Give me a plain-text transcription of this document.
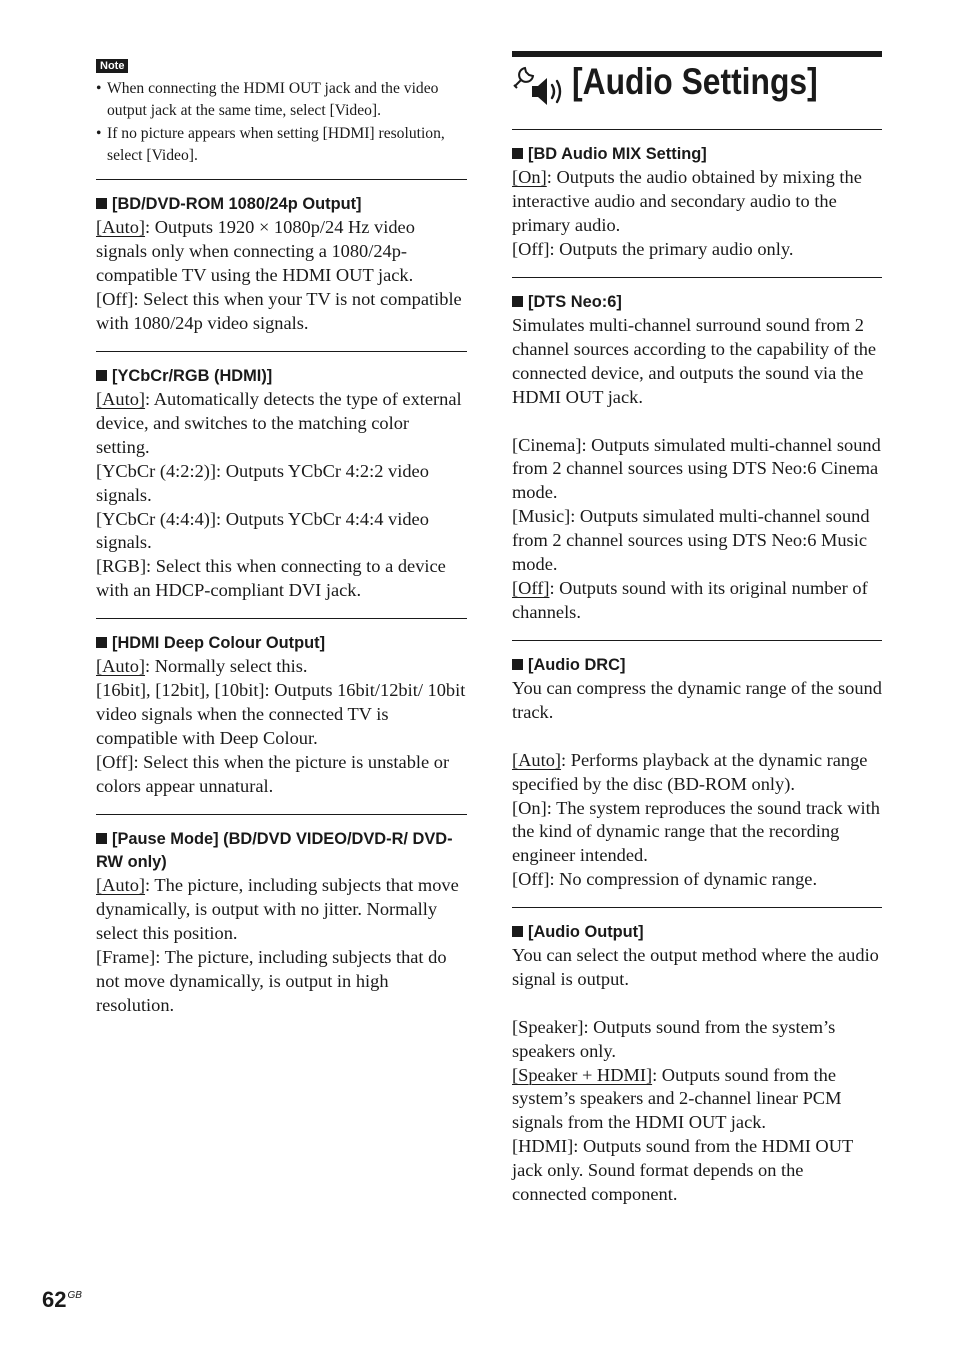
Note
• When connecting the HDMI OUT jack and the video output jack at the same time, select [Video].
• If no picture appears when setting [HDMI] resolution, select [Video].
[BD/DVD-ROM 1080/24p Output]

[Auto]: Outputs 1920 × 1080p/24 Hz video signals only when connecting a 1080/24p-compatible TV using the HDMI OUT jack.

[Off]: Select this when your TV is not compatible with 1080/24p video signals.

[YCbCr/RGB (HDMI)]

[Auto]: Automatically detects the type of external device, and switches to the matching color setting.

[YCbCr (4:2:2)]: Outputs YCbCr 4:2:2 video signals.

[YCbCr (4:4:4)]: Outputs YCbCr 4:4:4 video signals.

[RGB]: Select this when connecting to a device with an HDCP-compliant DVI jack.

[HDMI Deep Colour Output]

[Auto]: Normally select this.

[16bit], [12bit], [10bit]: Outputs 16bit/12bit/ 10bit video signals when the connected TV is compatible with Deep Colour.

[Off]: Select this when the picture is unstable or colors appear unnatural.

[Pause Mode] (BD/DVD VIDEO/DVD-R/ DVD-RW only)

[Auto]: The picture, including subjects that move dynamically, is output with no jitter. Normally select this position.

[Frame]: The picture, including subjects that do not move dynamically, is output in high resolution.

[Audio Settings]
[BD Audio MIX Setting]

[On]: Outputs the audio obtained by mixing the interactive audio and secondary audio to the primary audio.

[Off]: Outputs the primary audio only.

[DTS Neo:6]

Simulates multi-channel surround sound from 2 channel sources according to the capability of the connected device, and outputs the sound via the HDMI OUT jack.

[Cinema]: Outputs simulated multi-channel sound from 2 channel sources using DTS Neo:6 Cinema mode.

[Music]: Outputs simulated multi-channel sound from 2 channel sources using DTS Neo:6 Music mode.

[Off]: Outputs sound with its original number of channels.

[Audio DRC]

You can compress the dynamic range of the sound track.

[Auto]: Performs playback at the dynamic range specified by the disc (BD-ROM only).

[On]: The system reproduces the sound track with the kind of dynamic range that the recording engineer intended.

[Off]: No compression of dynamic range.

[Audio Output]

You can select the output method where the audio signal is output.

[Speaker]: Outputs sound from the system’s speakers only.

[Speaker + HDMI]: Outputs sound from the system’s speakers and 2-channel linear PCM signals from the HDMI OUT jack.

[HDMI]: Outputs sound from the HDMI OUT jack only. Sound format depends on the connected component.

$62^{GB}$
